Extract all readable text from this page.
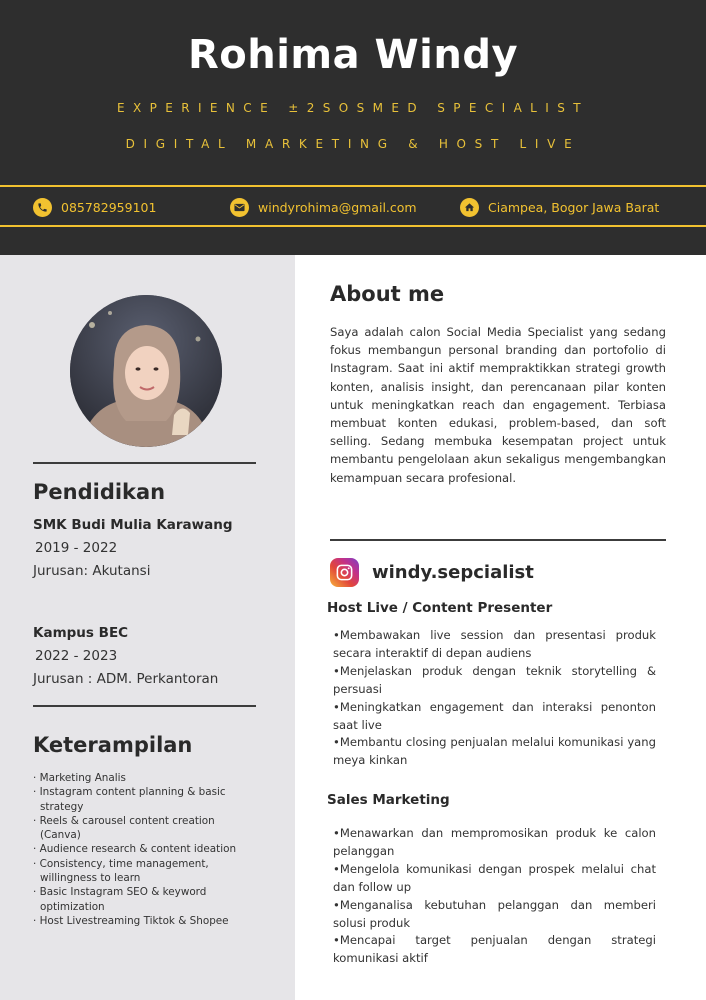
Rohima Windy
EXPERIENCE ±2SOSMED SPECIALIST
DIGITAL MARKETING & HOST LIVE
085782959101	windyrohima@gmail.com	Ciampea, Bogor Jawa Barat
Pendidikan
SMK Budi Mulia Karawang
2019 - 2022
Jurusan: Akutansi
Kampus BEC
2022 - 2023
Jurusan : ADM. Perkantoran
Keterampilan
· Marketing Analis
· Instagram content planning & basic strategy
· Reels & carousel content creation (Canva)
· Audience research & content ideation
· Consistency, time management, willingness to learn
· Basic Instagram SEO & keyword optimization
· Host Livestreaming Tiktok & Shopee
About me

Saya adalah calon Social Media Specialist yang sedang fokus membangun personal branding dan portofolio di Instagram. Saat ini aktif mempraktikkan strategi growth konten, analisis insight, dan perencanaan pilar konten untuk meningkatkan reach dan engagement. Terbiasa membuat konten edukasi, problem-based, dan soft selling. Sedang membuka kesempatan project untuk membantu pengelolaan akun sekaligus mengembangkan kemampuan secara profesional.

windy.sepcialist
Host Live / Content Presenter
•Membawakan live session dan presentasi produk secara interaktif di depan audiens
•Menjelaskan produk dengan teknik storytelling & persuasi
•Meningkatkan engagement dan interaksi penonton saat live
•Membantu closing penjualan melalui komunikasi yang meya kinkan
Sales Marketing
•Menawarkan dan mempromosikan produk ke calon pelanggan
•Mengelola komunikasi dengan prospek melalui chat dan follow up
•Menganalisa kebutuhan pelanggan dan memberi solusi produk
•Mencapai target penjualan dengan strategi komunikasi aktif
